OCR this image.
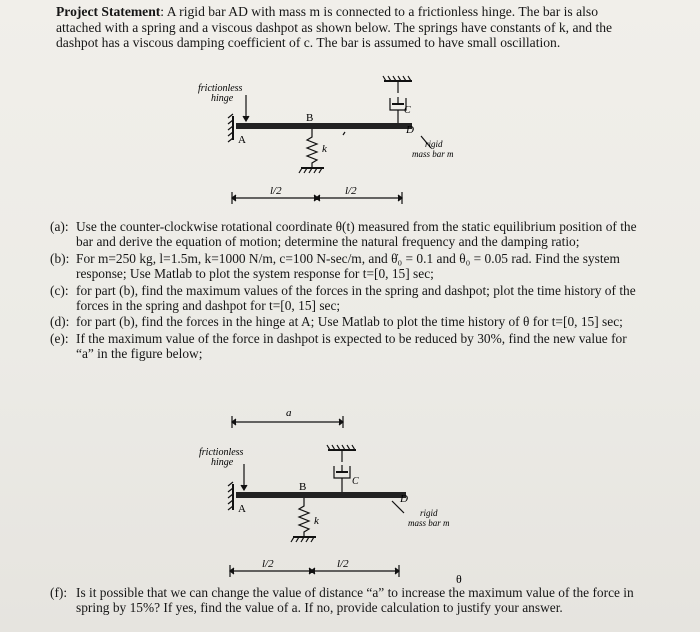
Project Statement: A rigid bar AD with mass m is connected to a frictionless hinge. The bar is also attached with a spring and a viscous dashpot as shown below. The springs have constants of k, and the dashpot has a viscous damping coefficient of c. The bar is assumed to have small oscillation.
frictionless
hinge
A
B
C
D
k	rigid
mass bar m
l/2	l/2
(a): Use the counter-clockwise rotational coordinate θ(t) measured from the static equilibrium position of the bar and derive the equation of motion; determine the natural frequency and the damping ratio;
(b): For m=250 kg, l=1.5m, k=1000 N/m, c=100 N-sec/m, and θ̇₀ = 0.1 and θ₀ = 0.05 rad. Find the system response; Use Matlab to plot the system response for t=[0, 15] sec;
(c): for part (b), find the maximum values of the forces in the spring and dashpot; plot the time history of the forces in the spring and dashpot for t=[0, 15] sec;
(d): for part (b), find the forces in the hinge at A; Use Matlab to plot the time history of θ for t=[0, 15] sec;
(e): If the maximum value of the force in dashpot is expected to be reduced by 30%, find the new value for “a” in the figure below;
a
frictionless
hinge
A
B	C
D
k
rigid
mass bar m
l/2	l/2
θ
(f): Is it possible that we can change the value of distance “a” to increase the maximum value of the force in spring by 15%? If yes, find the value of a. If no, provide calculation to justify your answer.
